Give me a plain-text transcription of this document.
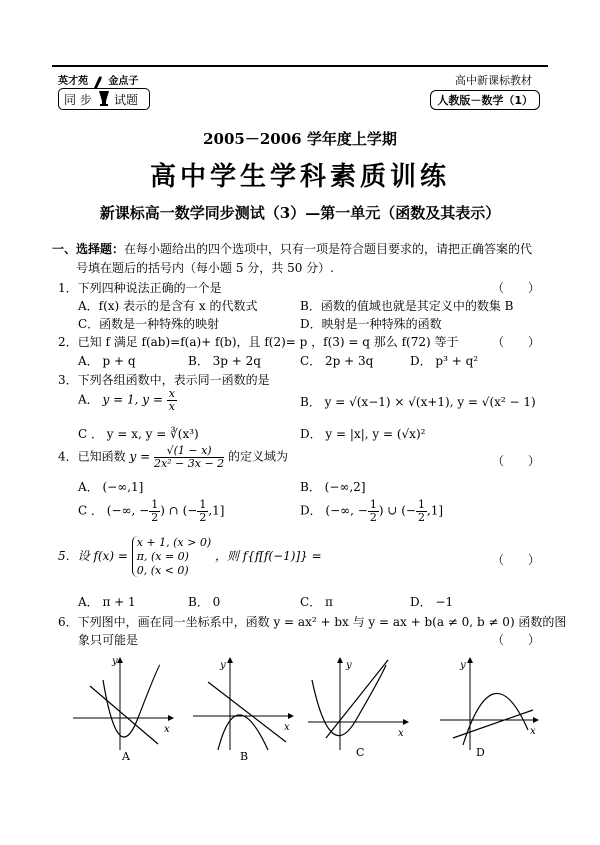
英才苑 金点子
同 步 试题
高中新课标教材
人教版－数学（1）
2005－2006 学年度上学期
高中学生学科素质训练
新课标高一数学同步测试（3）—第一单元（函数及其表示）
一、选择题：在每小题给出的四个选项中，只有一项是符合题目要求的，请把正确答案的代
号填在题后的括号内（每小题 5 分，共 50 分）.
1．下列四种说法正确的一个是	（　　）
A．f(x) 表示的是含有 x 的代数式	B．函数的值域也就是其定义中的数集 B
C．函数是一种特殊的映射	D．映射是一种特殊的函数
2．已知 f 满足 f(ab)=f(a)+ f(b)，且 f(2)= p ，f(3) = q 那么 f(72) 等于	（　　）
A． p + q	B． 3p + 2q	C． 2p + 3q	D． p³ + q²
3．下列各组函数中，表示同一函数的是
A． y = 1, $y = \frac{x}{x}$	B． y = √(x−1) × √(x+1), y = √(x² − 1)
C ． y = x, y = ∛(x³)	D． y = |x|, y = (√x)²
4．已知函数 $y = \frac{√(1 - x)}{\text{2x² − 3x − 2}}$ 的定义域为	（　　）
A． (−∞,1]	B． (−∞,2]
C ． (−∞, − $\frac{1}{2}$ ) ∩ (− $\frac{1}{2} ,1$]	D． (−∞, − $\frac{1}{2}$ ) ∪ (− $\frac{1}{2} ,1$]
5．设 f(x) =
x + 1, (x > 0)
π, (x = 0)
0, (x < 0)
，则 f{f[f(−1)]} =	（　　）
A． π + 1	B． 0	C． π	D． −1
6．下列图中，画在同一坐标系中，函数 y = ax² + bx 与 y = ax + b(a ≠ 0, b ≠ 0) 函数的图
象只可能是	（　　）
x
y
A
x
y
B
x
y
C
x
y
D
